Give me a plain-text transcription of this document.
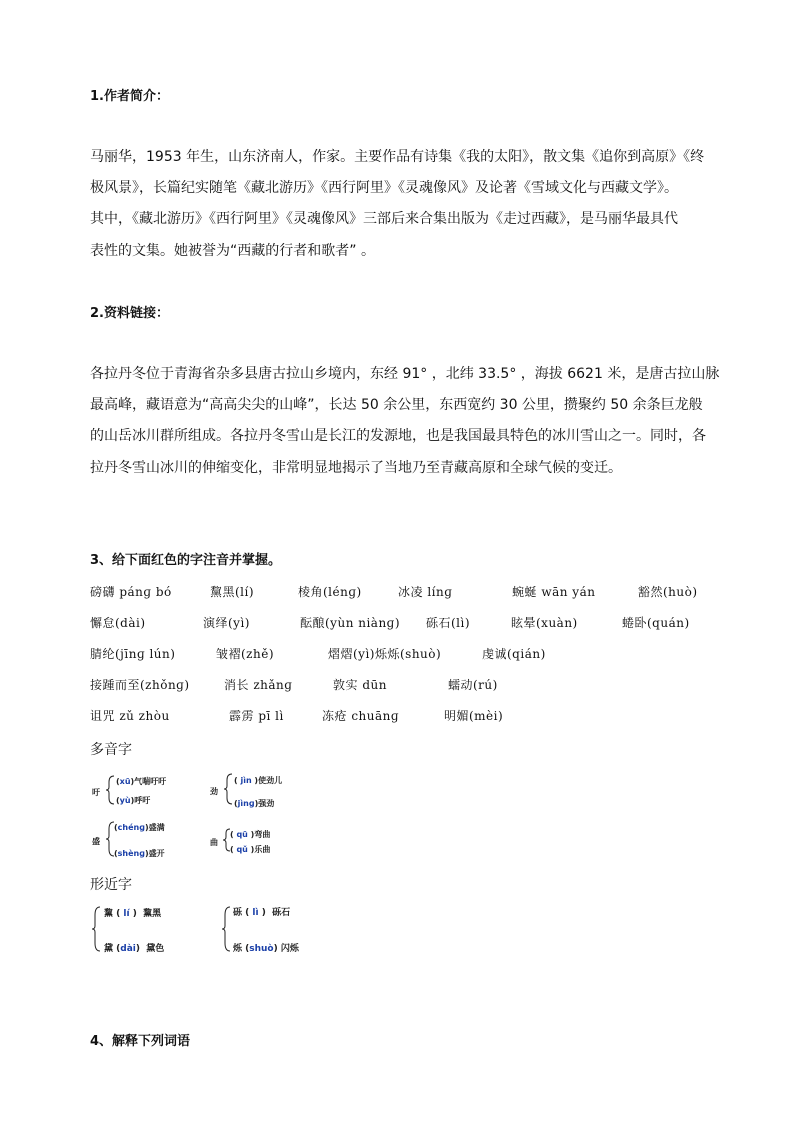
1.作者简介：
马丽华，1953 年生，山东济南人，作家。主要作品有诗集《我的太阳》，散文集《追你到高原》《终
极风景》，长篇纪实随笔《藏北游历》《西行阿里》《灵魂像风》及论著《雪域文化与西藏文学》。
其中，《藏北游历》《西行阿里》《灵魂像风》三部后来合集出版为《走过西藏》，是马丽华最具代
表性的文集。她被誉为“西藏的行者和歌者” 。
2.资料链接：
各拉丹冬位于青海省杂多县唐古拉山乡境内，东经 91° ，北纬 33.5° ，海拔 6621 米，是唐古拉山脉
最高峰，藏语意为“高高尖尖的山峰”，长达 50 余公里，东西宽约 30 公里，攒聚约 50 余条巨龙般
的山岳冰川群所组成。各拉丹冬雪山是长江的发源地，也是我国最具特色的冰川雪山之一。同时，各
拉丹冬雪山冰川的伸缩变化，非常明显地揭示了当地乃至青藏高原和全球气候的变迁。
3、给下面红色的字注音并掌握。
磅礴 pánɡ bó	黧黑(lí)	棱角(lénɡ)	冰凌 línɡ	蜿蜒 wān yán	豁然(huò)
懈怠(dài)	演绎(yì)	酝酿(yùn niànɡ) 砾石(lì)	眩晕(xuàn)	蜷卧(quán)
腈纶(jīnɡ lún)	皱褶(zhě)	熠熠(yì)烁烁(shuò)	虔诚(qián)
接踵而至(zhǒnɡ)	消长 zhǎnɡ	敦实 dūn	蠕动(rú)
诅咒 zǔ zhòu	霹雳 pī lì	冻疮 chuānɡ	明媚(mèi)
多音字
吁
(xū)气喘吁吁
(yù)呼吁
劲
( jìn )使劲儿
(jìnɡ)强劲
盛
(chénɡ)盛满
(shènɡ)盛开
曲
( qū )弯曲
( qǔ )乐曲
形近字
黧 ( lí )  黧黑
黛 (dài)  黛色
砾 ( lì )  砾石
烁 (shuò) 闪烁
4、解释下列词语
